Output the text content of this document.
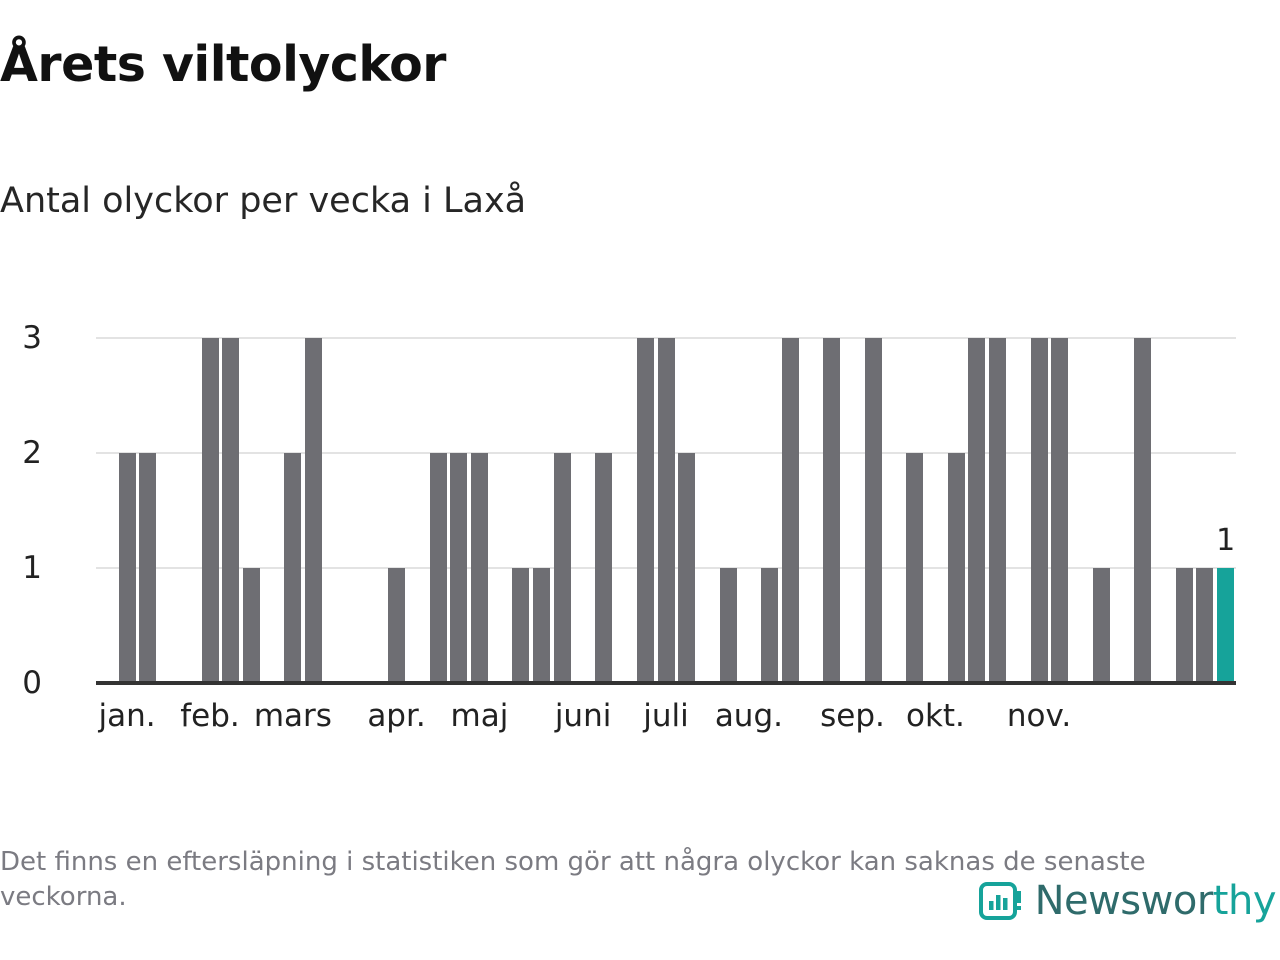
Årets viltolyckor
Antal olyckor per vecka i Laxå
0
1
2
3
1
jan. feb. mars apr. maj juni juli aug. sep. okt. nov.
Det finns en eftersläpning i statistiken som gör att några olyckor kan saknas de senaste veckorna.	Newsworthy
